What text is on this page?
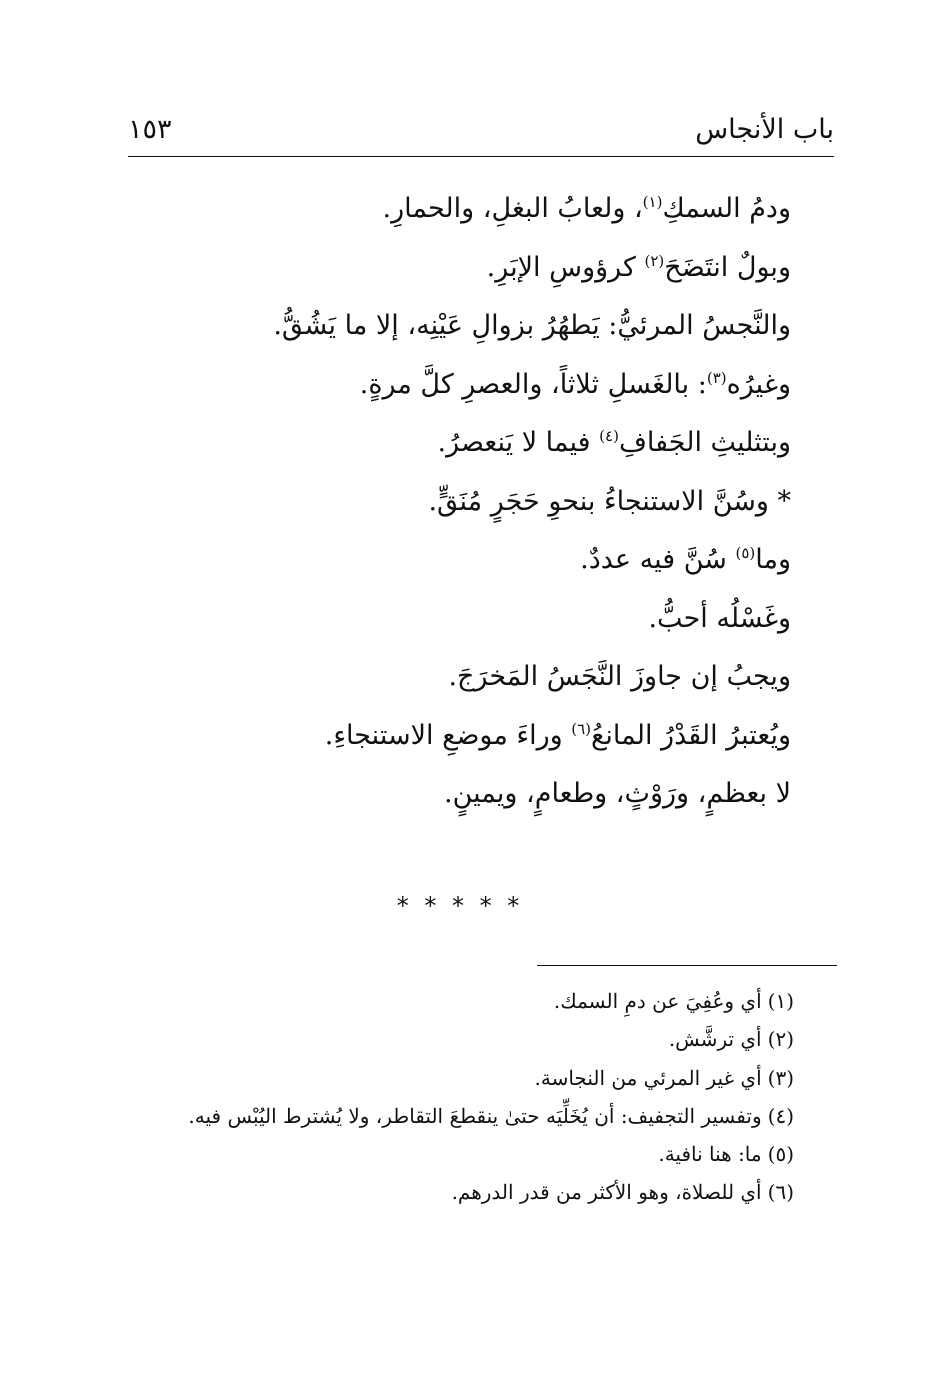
باب الأنجاس
١٥٣
ودمُ السمكِ$^{(١)}$، ولعابُ البغلِ، والحمارِ.
وبولٌ انتَضَحَ$^{(٢)}$ كرؤوسِ الإبَرِ.
والنَّجسُ المرئيُّ: يَطهُرُ بزوالِ عَيْنِه، إلا ما يَشُقُّ.
وغيرُه$^{(٣)}$: بالغَسلِ ثلاثاً، والعصرِ كلَّ مرةٍ.
وبتثليثِ الجَفافِ$^{(٤)}$ فيما لا يَنعصرُ.
* وسُنَّ الاستنجاءُ بنحوِ حَجَرٍ مُنَقٍّ.
وما$^{(٥)}$ سُنَّ فيه عددٌ.
وغَسْلُه أحبُّ.
ويجبُ إن جاوزَ النَّجَسُ المَخرَجَ.
ويُعتبرُ القَدْرُ المانعُ$^{(٦)}$ وراءَ موضعِ الاستنجاءِ.
لا بعظمٍ، ورَوْثٍ، وطعامٍ، ويمينٍ.
* * * * *
(١)أي وعُفِيَ عن دمِ السمك.
(٢)أي ترشَّش.
(٣)أي غير المرئي من النجاسة.
(٤)وتفسير التجفيف: أن يُخَلِّيَه حتىٰ ينقطعَ التقاطر، ولا يُشترط اليُبْس فيه.
(٥)ما: هنا نافية.
(٦)أي للصلاة، وهو الأكثر من قدر الدرهم.
